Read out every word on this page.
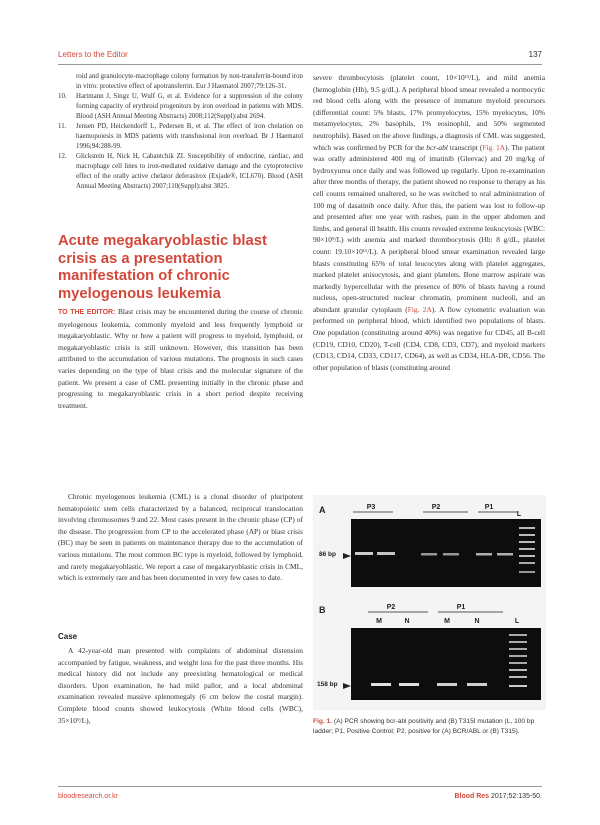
Letters to the Editor	137
roid and granulocyte-macrophage colony formation by non-transferrin-bound iron in vitro: protective effect of apotransferrin. Eur J Haematol 2007;79:126-31.
10.	Hartmann J, Singz U, Wulf G, et al. Evidence for a suppression of the colony forming capacity of erythroid progenitors by iron overload in patients with MDS. Blood (ASH Annual Meeting Abstracts) 2008;112(Suppl):abst 2694.
11.	Jensen PD, Heickendorff L, Pedersen B, et al. The effect of iron chelation on haemopoiesis in MDS patients with transfusional iron overload. Br J Haematol 1996;94:288-99.
12.	Glickstein H, Nick H, Cabantchik ZI. Susceptibility of endocrine, cardiac, and macrophage cell lines to iron-mediated oxidative damage and the cytoprotective effect of the orally active chelator deferasirox (Exjade®, ICL670). Blood (ASH Annual Meeting Abstracts) 2007;110(Suppl):abst 3825.
Acute megakaryoblastic blast crisis as a presentation manifestation of chronic myelogenous leukemia
TO THE EDITOR: Blast crisis may be encountered during the course of chronic myelogenous leukemia, commonly myeloid and less frequently lymphoid or megakaryoblastic. Why or how a patient will progress to myeloid, lymphoid, or megakaryoblastic crisis is still unknown. However, this transition has been attributed to the accumulation of various mutations. The prognosis in such cases varies depending on the type of blast crisis and the molecular signature of the patient. We present a case of CML presenting initially in the chronic phase and progressing to megakaryoblastic crisis in a short period despite receiving treatment.
Chronic myelogenous leukemia (CML) is a clonal disorder of pluripotent hematopoietic stem cells characterized by a balanced, reciprocal translocation involving chromosomes 9 and 22. Most cases present in the chronic phase (CP) of the disease. The progression from CP to the accelerated phase (AP) or blast crisis (BC) may be seen in patients on maintenance therapy due to the accumulation of various mutations. The most common BC type is myeloid, followed by lymphoid, and rarely megakaryoblastic. We report a case of megakaryoblastic crisis in CML, which is extremely rare and has been documented in very few cases to date.
Case
A 42-year-old man presented with complaints of abdominal distension accompanied by fatigue, weakness, and weight loss for the past three months. His medical history did not include any preexisting hematological or medical disorders. Upon examination, he had mild pallor, and a local abdominal examination revealed massive splenomegaly (6 cm below the costal margin). Complete blood counts showed leukocytosis (White blood cells (WBC), 35×10⁹/L),
severe thrombocytosis (platelet count, 10×10¹¹/L), and mild anemia (hemoglobin (Hb), 9.5 g/dL). A peripheral blood smear revealed a normocytic red blood cells along with the presence of immature myeloid precursors (differential count: 5% blasts, 17% promyelocytes, 15% myelocytes, 10% metamyelocytes, 2% basophils, 1% eosinophil, and 50% segmented neutrophils). Based on the above findings, a diagnosis of CML was suggested, which was confirmed by PCR for the bcr-abl transcript (Fig. 1A). The patient was orally administered 400 mg of imatinib (Gleevac) and 20 mg/kg of hydroxyurea once daily and was followed up regularly. Upon re-examination after three months of therapy, the patient showed no response to therapy as his cell counts remained unaltered, so he was switched to oral administration of 100 mg of dasatinib once daily. After this, the patient was lost to follow-up and presented after one year with rashes, pain in the upper abdomen and limbs, and general ill health. His counts revealed extreme leukocytosis (WBC: 90×10⁹/L) with anemia and marked thrombocytosis (Hb: 8 g/dL, platelet count: 19.10×10¹¹/L). A peripheral blood smear examination revealed large blasts constituting 65% of total leucocytes along with platelet aggregates, marked platelet anisocytosis, and giant platelets. Bone marrow aspirate was markedly hypercellular with the presence of 80% of blasts having a round nucleus, open-structured nuclear chromatin, prominent nucleoli, and an abundant granular cytoplasm (Fig. 2A). A flow cytometric evaluation was performed on peripheral blood, which identified two populations of blasts. One population (constituting around 40%) was negative for CD45, all B-cell (CD19, CD10, CD20), T-cell (CD4, CD8, CD3, CD7), and myeloid markers (CD13, CD14, CD33, CD117, CD64), as well as CD34, HLA-DR, CD56. The other population of blasts (constituting around
A	P3	P2	P1
L
86 bp
B	P2	P1
M	N	M	N	L
158 bp
Fig. 1. (A) PCR showing bcr-abl positivity and (B) T315I mutation (L, 100 bp ladder; P1, Positive Control; P2, positive for (A) BCR/ABL or (B) T315).
bloodresearch.or.kr	Blood Res 2017;52:135-50.
